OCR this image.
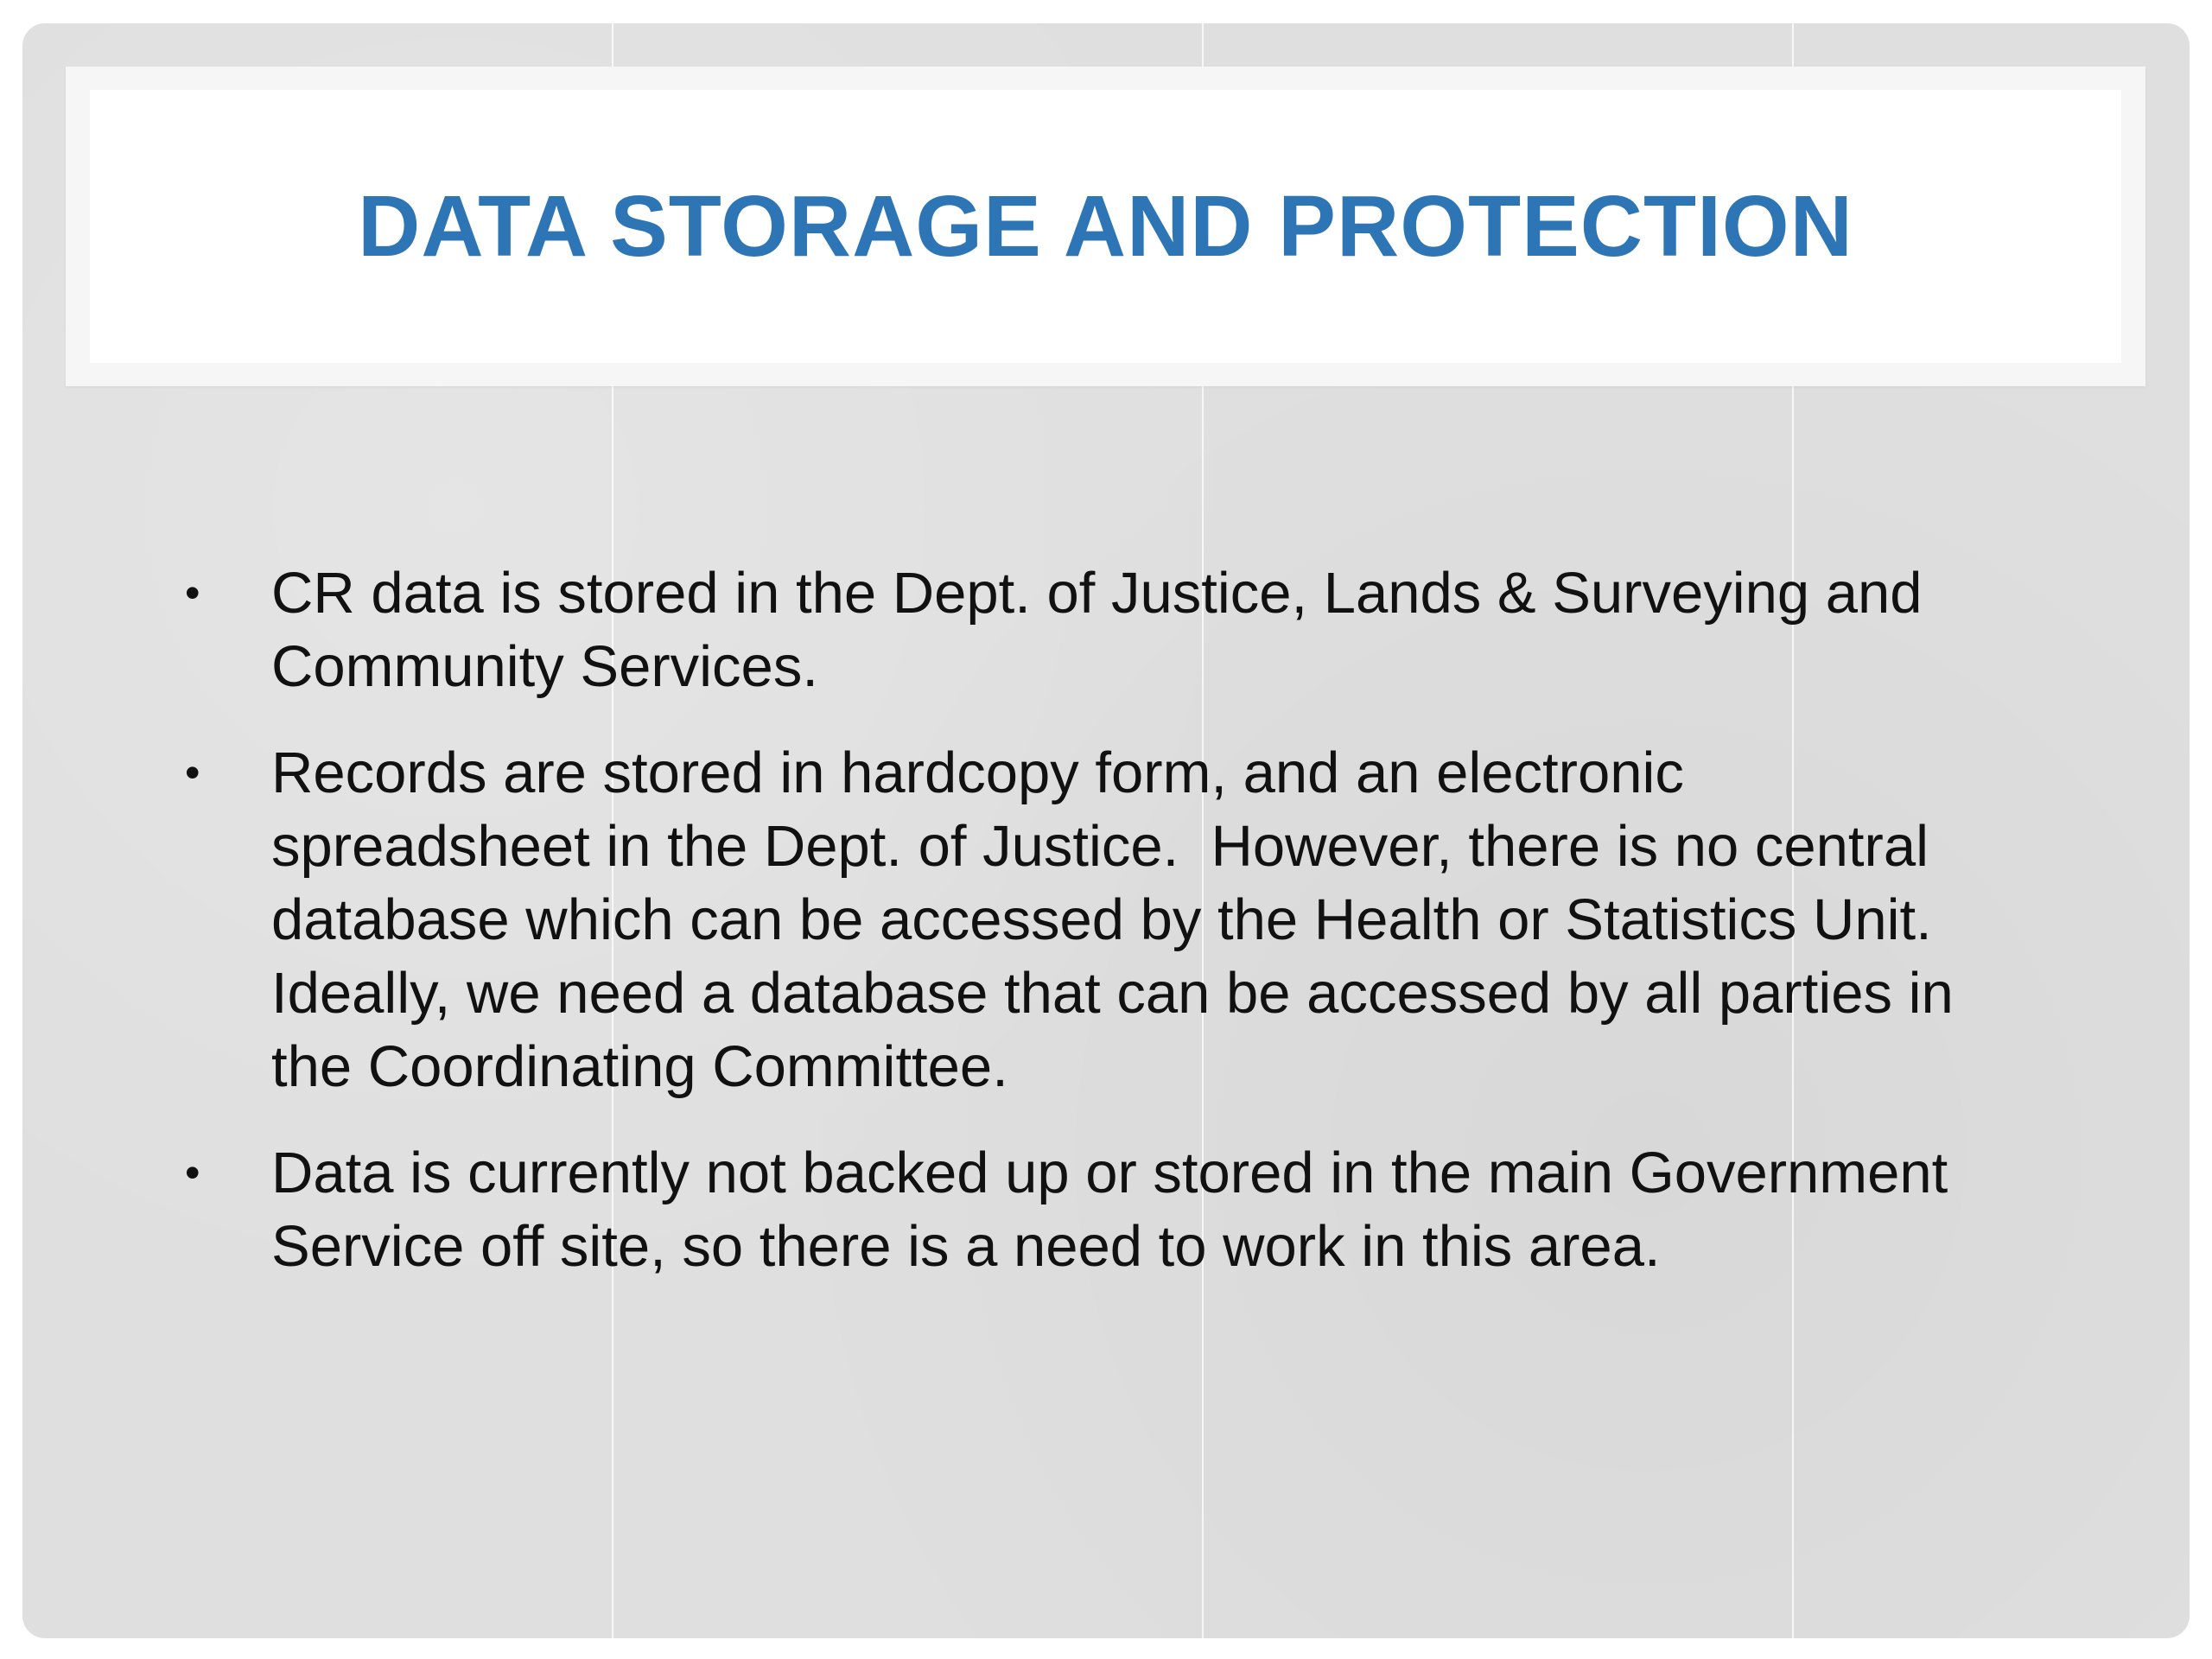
DATA STORAGE AND PROTECTION
• CR data is stored in the Dept. of Justice, Lands & Surveying and
Community Services.
• Records are stored in hardcopy form, and an electronic
spreadsheet in the Dept. of Justice.  However, there is no central
database which can be accessed by the Health or Statistics Unit.
Ideally, we need a database that can be accessed by all parties in
the Coordinating Committee.
• Data is currently not backed up or stored in the main Government
Service off site, so there is a need to work in this area.
